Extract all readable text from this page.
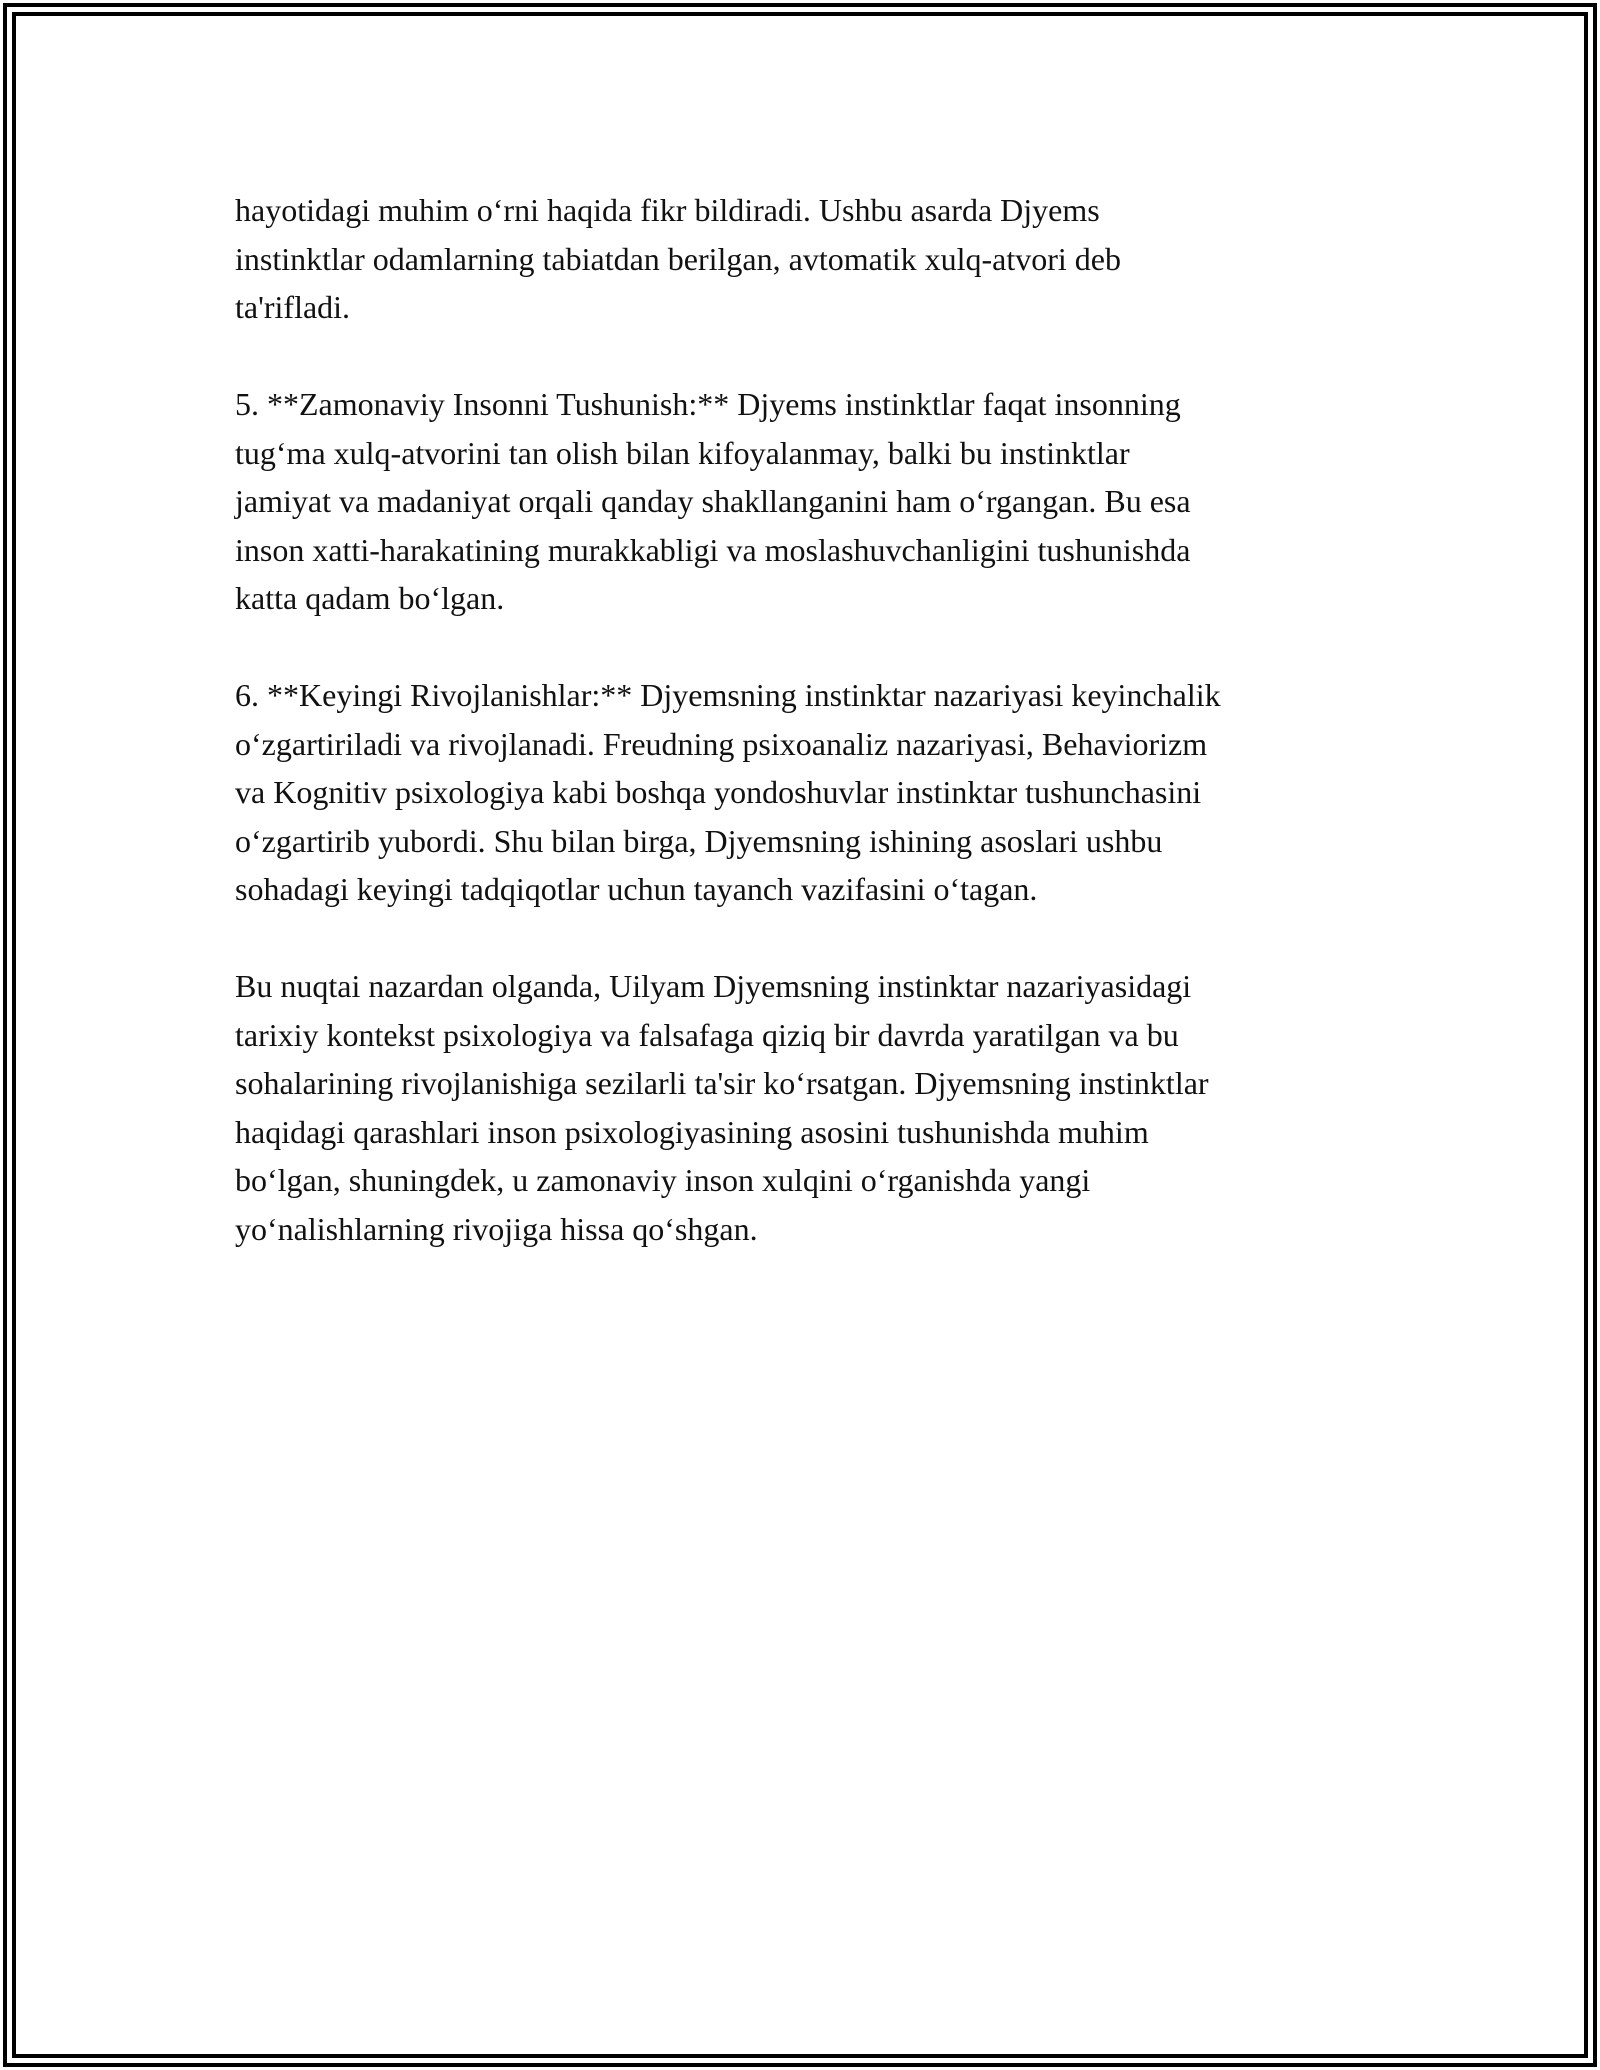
hayotidagi muhim o‘rni haqida fikr bildiradi. Ushbu asarda Djyems
instinktlar odamlarning tabiatdan berilgan, avtomatik xulq-atvori deb
ta'rifladi.

5. **Zamonaviy Insonni Tushunish:** Djyems instinktlar faqat insonning
tug‘ma xulq-atvorini tan olish bilan kifoyalanmay, balki bu instinktlar
jamiyat va madaniyat orqali qanday shakllanganini ham o‘rgangan. Bu esa
inson xatti-harakatining murakkabligi va moslashuvchanligini tushunishda
katta qadam bo‘lgan.

6. **Keyingi Rivojlanishlar:** Djyemsning instinktar nazariyasi keyinchalik
o‘zgartiriladi va rivojlanadi. Freudning psixoanaliz nazariyasi, Behaviorizm
va Kognitiv psixologiya kabi boshqa yondoshuvlar instinktar tushunchasini
o‘zgartirib yubordi. Shu bilan birga, Djyemsning ishining asoslari ushbu
sohadagi keyingi tadqiqotlar uchun tayanch vazifasini o‘tagan.

Bu nuqtai nazardan olganda, Uilyam Djyemsning instinktar nazariyasidagi
tarixiy kontekst psixologiya va falsafaga qiziq bir davrda yaratilgan va bu
sohalarining rivojlanishiga sezilarli ta'sir ko‘rsatgan. Djyemsning instinktlar
haqidagi qarashlari inson psixologiyasining asosini tushunishda muhim
bo‘lgan, shuningdek, u zamonaviy inson xulqini o‘rganishda yangi
yo‘nalishlarning rivojiga hissa qo‘shgan.
